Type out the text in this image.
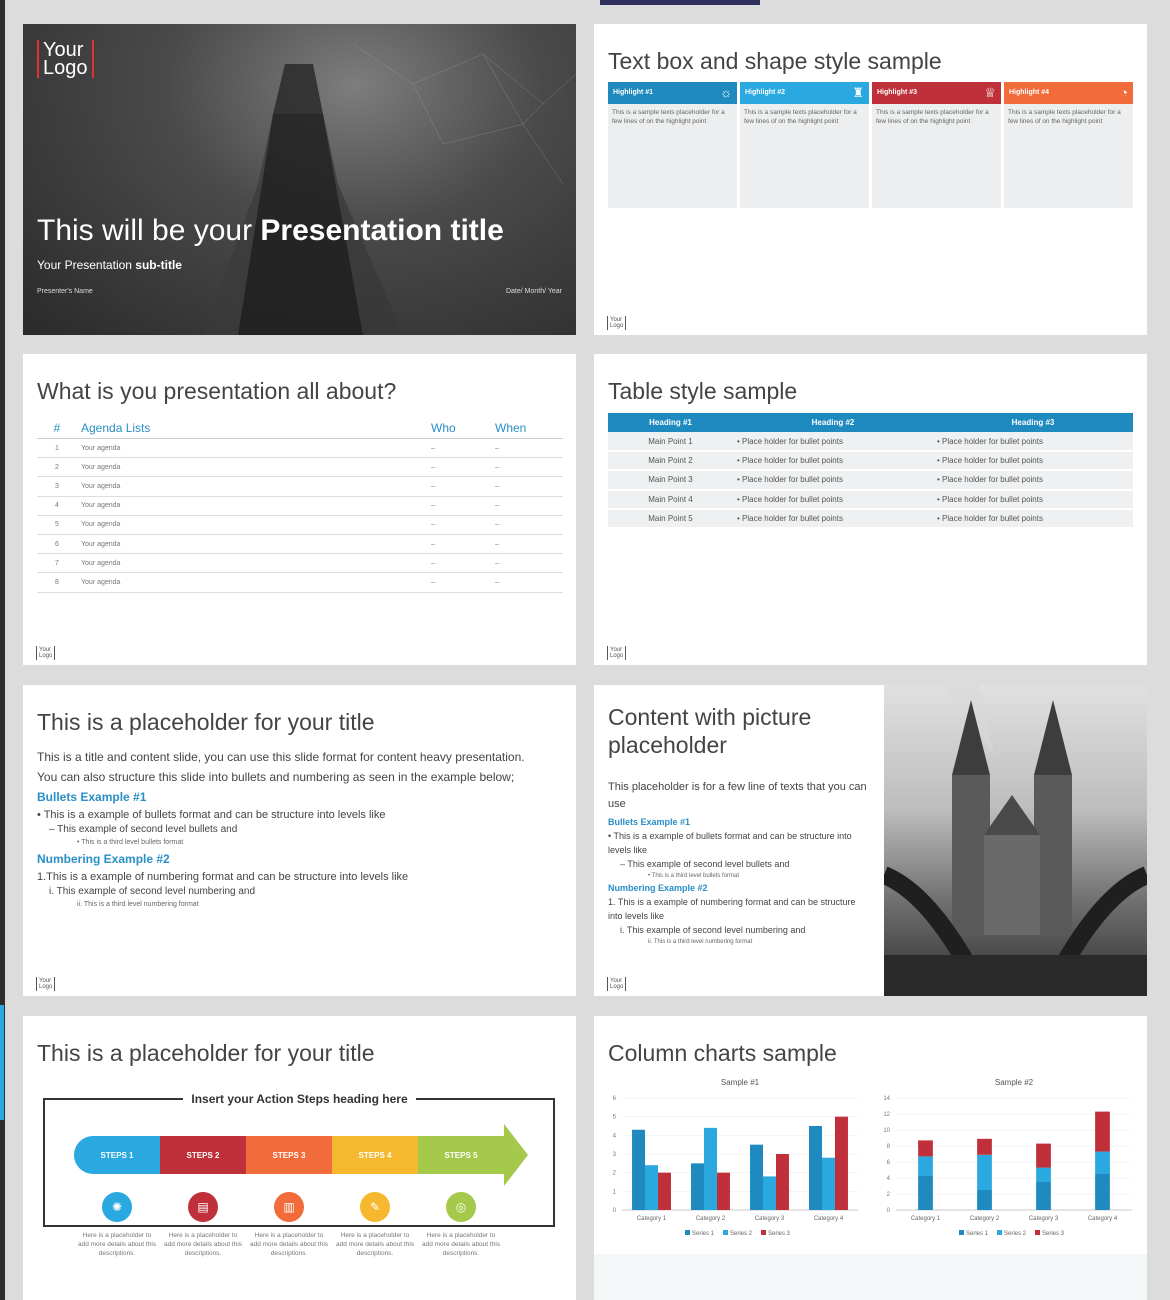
Your
Logo
This will be your Presentation title
Your Presentation sub-title
Presenter's Name	Date/ Month/ Year
Text box and shape style sample
Highlight #1	☼
This is a sample texts placeholder for a few lines of on the highlight point
Highlight #2	♜
This is a sample texts placeholder for a few lines of on the highlight point
Highlight #3	♕
This is a sample texts placeholder for a few lines of on the highlight point
Highlight #4	◔
This is a sample texts placeholder for a few lines of on the highlight point
Your
Logo
What is you presentation all about?
#	Agenda Lists	Who	When
1	Your agenda	–	–
2	Your agenda	–	–
3	Your agenda	–	–
4	Your agenda	–	–
5	Your agenda	–	–
6	Your agenda	–	–
7	Your agenda	–	–
8	Your agenda	–	–
Your
Logo
Table style sample
Heading #1	Heading #2	Heading #3
Main Point 1	• Place holder for bullet points	• Place holder for bullet points
Main Point 2	• Place holder for bullet points	• Place holder for bullet points
Main Point 3	• Place holder for bullet points	• Place holder for bullet points
Main Point 4	• Place holder for bullet points	• Place holder for bullet points
Main Point 5	• Place holder for bullet points	• Place holder for bullet points
Your
Logo
This is a placeholder for your title
This is a title and content slide, you can use this slide format for content heavy presentation.
You can also structure this slide into bullets and numbering as seen in the example below;
Bullets Example #1
• This is a example of bullets format and can be structure into levels like
– This example of second level bullets and
• This is a third level bullets format
Numbering Example #2
1.This is a example of numbering format and can be structure into levels like
i. This example of second level numbering and
ii. This is a third level numbering format
Your
Logo
Content with picture placeholder
This placeholder is for a few line of texts that you can use
Bullets Example #1
• This is a example of bullets format and can be structure into levels like
– This example of second level bullets and
• This is a third level bullets format
Numbering Example #2
1. This is a example of numbering format and can be structure into levels like
i. This example of second level numbering and
ii. This is a third level numbering format
Your
Logo
This is a placeholder for your title
Insert your Action Steps heading here
STEPS 1
✺
Here is a placeholder to add more details about this descriptions.
STEPS 2
▤
Here is a placeholder to add more details about this descriptions.
STEPS 3
▥
Here is a placeholder to add more details about this descriptions.
STEPS 4
✎
Here is a placeholder to add more details about this descriptions.
STEPS 5
◎
Here is a placeholder to add more details about this descriptions.
Column charts sample
Sample #1
0
1
2
3
4
5
6
Category 1	Category 2	Category 3	Category 4
Series 1	Series 2	Series 3
Sample #2
0
2
4
6
8
10
12
14
Category 1	Category 2	Category 3	Category 4
Series 1	Series 2	Series 3
